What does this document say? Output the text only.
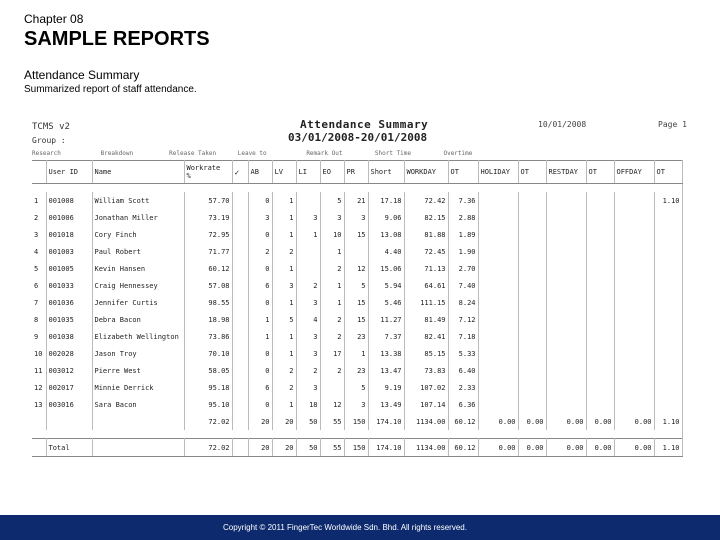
Chapter 08
SAMPLE REPORTS
Attendance Summary
Summarized report of staff attendance.
TCMS v2
Group :
Attendance Summary
03/01/2008-20/01/2008
10/01/2008	Page 1
Research	Breakdown	Release Taken	Leave to	Remark Out	Short Time	Overtime
	User ID	Name	Workrate
%	✓	AB	LV	LI	EO	PR	Short	WORKDAY	OT	HOLIDAY	OT	RESTDAY	OT	OFFDAY	OT

1	001008	William Scott	57.70		0	1		5	21	17.18	72.42	7.36						1.10
2	001006	Jonathan Miller	73.19		3	1	3	3	3	9.06	82.15	2.88						
3	001018	Cory Finch	72.95		0	1	1	10	15	13.08	81.88	1.89						
4	001003	Paul Robert	71.77		2	2		1		4.40	72.45	1.90						
5	001005	Kevin Hansen	60.12		0	1		2	12	15.06	71.13	2.70						
6	001033	Craig Hennessey	57.08		6	3	2	1	5	5.94	64.61	7.40						
7	001036	Jennifer Curtis	98.55		0	1	3	1	15	5.46	111.15	8.24						
8	001035	Debra Bacon	18.98		1	5	4	2	15	11.27	81.49	7.12						
9	001038	Elizabeth Wellington	73.86		1	1	3	2	23	7.37	82.41	7.18						
10	002028	Jason Troy	70.10		0	1	3	17	1	13.38	85.15	5.33						
11	003012	Pierre West	58.05		0	2	2	2	23	13.47	73.83	6.40						
12	002017	Minnie Derrick	95.18		6	2	3		5	9.19	107.02	2.33						
13	003016	Sara Bacon	95.10		0	1	18	12	3	13.49	107.14	6.36						
			72.02		20	20	50	55	150	174.10	1134.00	60.12	0.00	0.00	0.00	0.00	0.00	1.10

	Total		72.02		20	20	50	55	150	174.10	1134.00	60.12	0.00	0.00	0.00	0.00	0.00	1.10
Copyright © 2011 FingerTec Worldwide Sdn. Bhd. All rights reserved.
